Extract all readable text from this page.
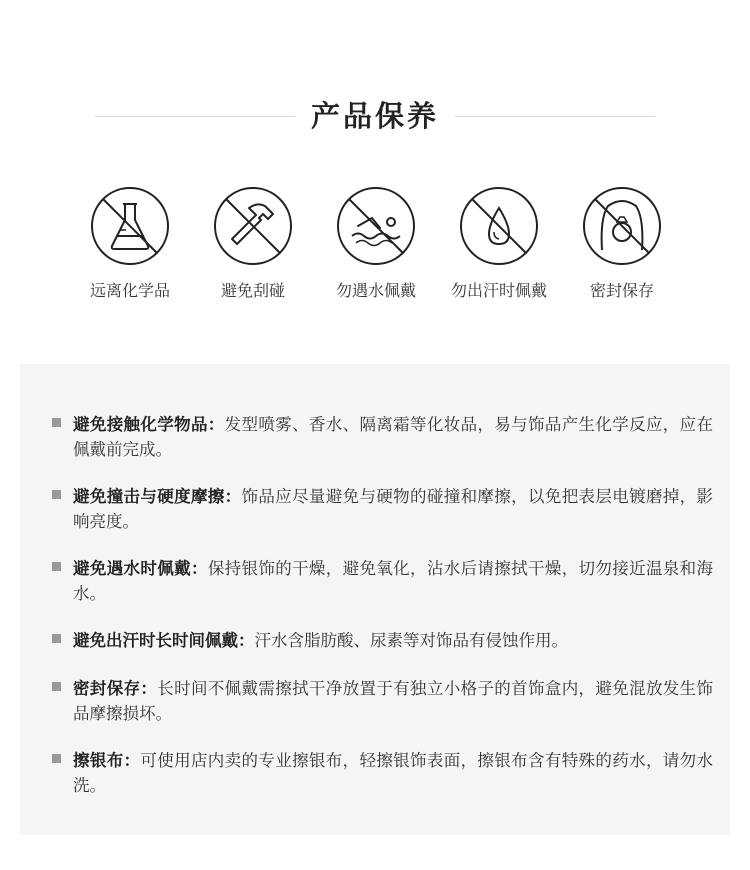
产品保养
远离化学品	避免刮碰	勿遇水佩戴	勿出汗时佩戴	密封保存
避免接触化学物品：发型喷雾、香水、隔离霜等化妆品，易与饰品产生化学反应，应在佩戴前完成。
避免撞击与硬度摩擦：饰品应尽量避免与硬物的碰撞和摩擦，以免把表层电镀磨掉，影响亮度。
避免遇水时佩戴：保持银饰的干燥，避免氧化，沾水后请擦拭干燥，切勿接近温泉和海水。
避免出汗时长时间佩戴：汗水含脂肪酸、尿素等对饰品有侵蚀作用。
密封保存：长时间不佩戴需擦拭干净放置于有独立小格子的首饰盒内，避免混放发生饰品摩擦损坏。
擦银布：可使用店内卖的专业擦银布，轻擦银饰表面，擦银布含有特殊的药水，请勿水洗。
